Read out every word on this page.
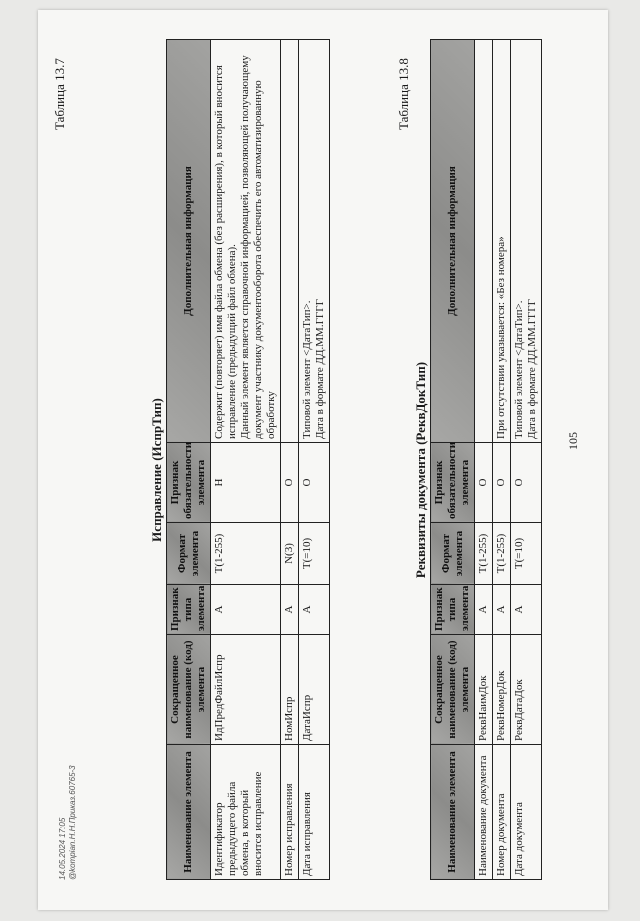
105
Таблица 13.7
Исправление (ИспрТип)
Наименование элемента	Сокращенное наименование (код) элемента	Признак типа элемента	Формат элемента	Признак обязательности элемента	Дополнительная информация
Идентификатор предыдущего файла обмена, в который вносится исправление	ИдПредФайлИспр	А	Т(1-255)	Н	Содержит (повторяет) имя файла обмена (без расширения), в который вносится исправление (предыдущий файл обмена).
Данный элемент является справочной информацией, позволяющей получающему документ участнику документооборота обеспечить его автоматизированную обработку
Номер исправления	НомИспр	А	N(3)	О	
Дата исправления	ДатаИспр	А	Т(=10)	О	Типовой элемент <ДатаТип>.
Дата в формате ДД.ММ.ГГГГ
Таблица 13.8
Реквизиты документа (РеквДокТип)
Наименование элемента	Сокращенное наименование (код) элемента	Признак типа элемента	Формат элемента	Признак обязательности элемента	Дополнительная информация
Наименование документа	РеквНаимДок	А	Т(1-255)	О	
Номер документа	РеквНомерДок	А	Т(1-255)	О	При отсутствии указывается: «Без номера»
Дата документа	РеквДатаДок	А	Т(=10)	О	Типовой элемент <ДатаТип>.
Дата в формате ДД.ММ.ГГГГ
14.05.2024 17:05 @kompian.H.H.Приказ.60765-3
